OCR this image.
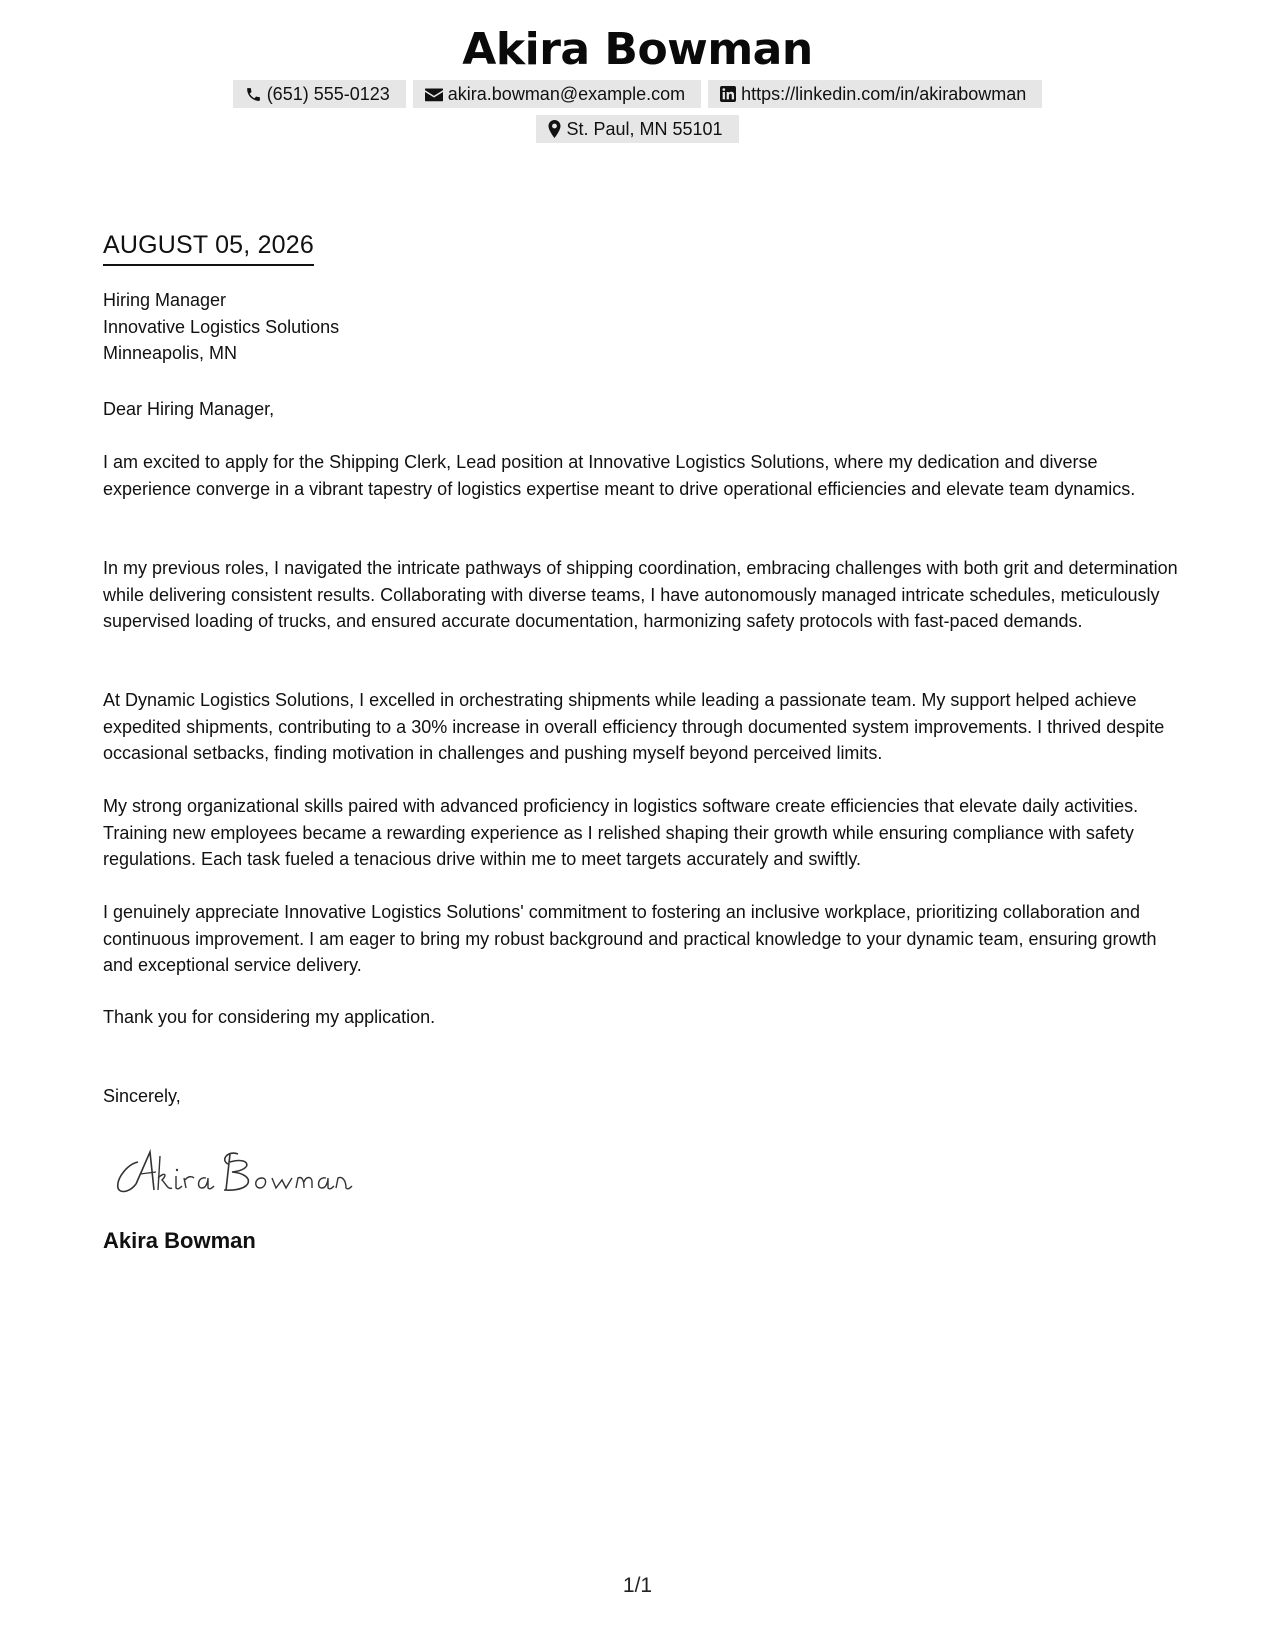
Akira Bowman
(651) 555-0123	akira.bowman@example.com	https://linkedin.com/in/akirabowman
St. Paul, MN 55101
AUGUST 05, 2026
Hiring Manager
Innovative Logistics Solutions
Minneapolis, MN
Dear Hiring Manager,
I am excited to apply for the Shipping Clerk, Lead position at Innovative Logistics Solutions, where my dedication and diverse experience converge in a vibrant tapestry of logistics expertise meant to drive operational efficiencies and elevate team dynamics.
In my previous roles, I navigated the intricate pathways of shipping coordination, embracing challenges with both grit and determination while delivering consistent results. Collaborating with diverse teams, I have autonomously managed intricate schedules, meticulously supervised loading of trucks, and ensured accurate documentation, harmonizing safety protocols with fast-paced demands.
At Dynamic Logistics Solutions, I excelled in orchestrating shipments while leading a passionate team. My support helped achieve expedited shipments, contributing to a 30% increase in overall efficiency through documented system improvements. I thrived despite occasional setbacks, finding motivation in challenges and pushing myself beyond perceived limits.
My strong organizational skills paired with advanced proficiency in logistics software create efficiencies that elevate daily activities. Training new employees became a rewarding experience as I relished shaping their growth while ensuring compliance with safety regulations. Each task fueled a tenacious drive within me to meet targets accurately and swiftly.
I genuinely appreciate Innovative Logistics Solutions' commitment to fostering an inclusive workplace, prioritizing collaboration and continuous improvement. I am eager to bring my robust background and practical knowledge to your dynamic team, ensuring growth and exceptional service delivery.
Thank you for considering my application.
Sincerely,
Akira Bowman
1/1
